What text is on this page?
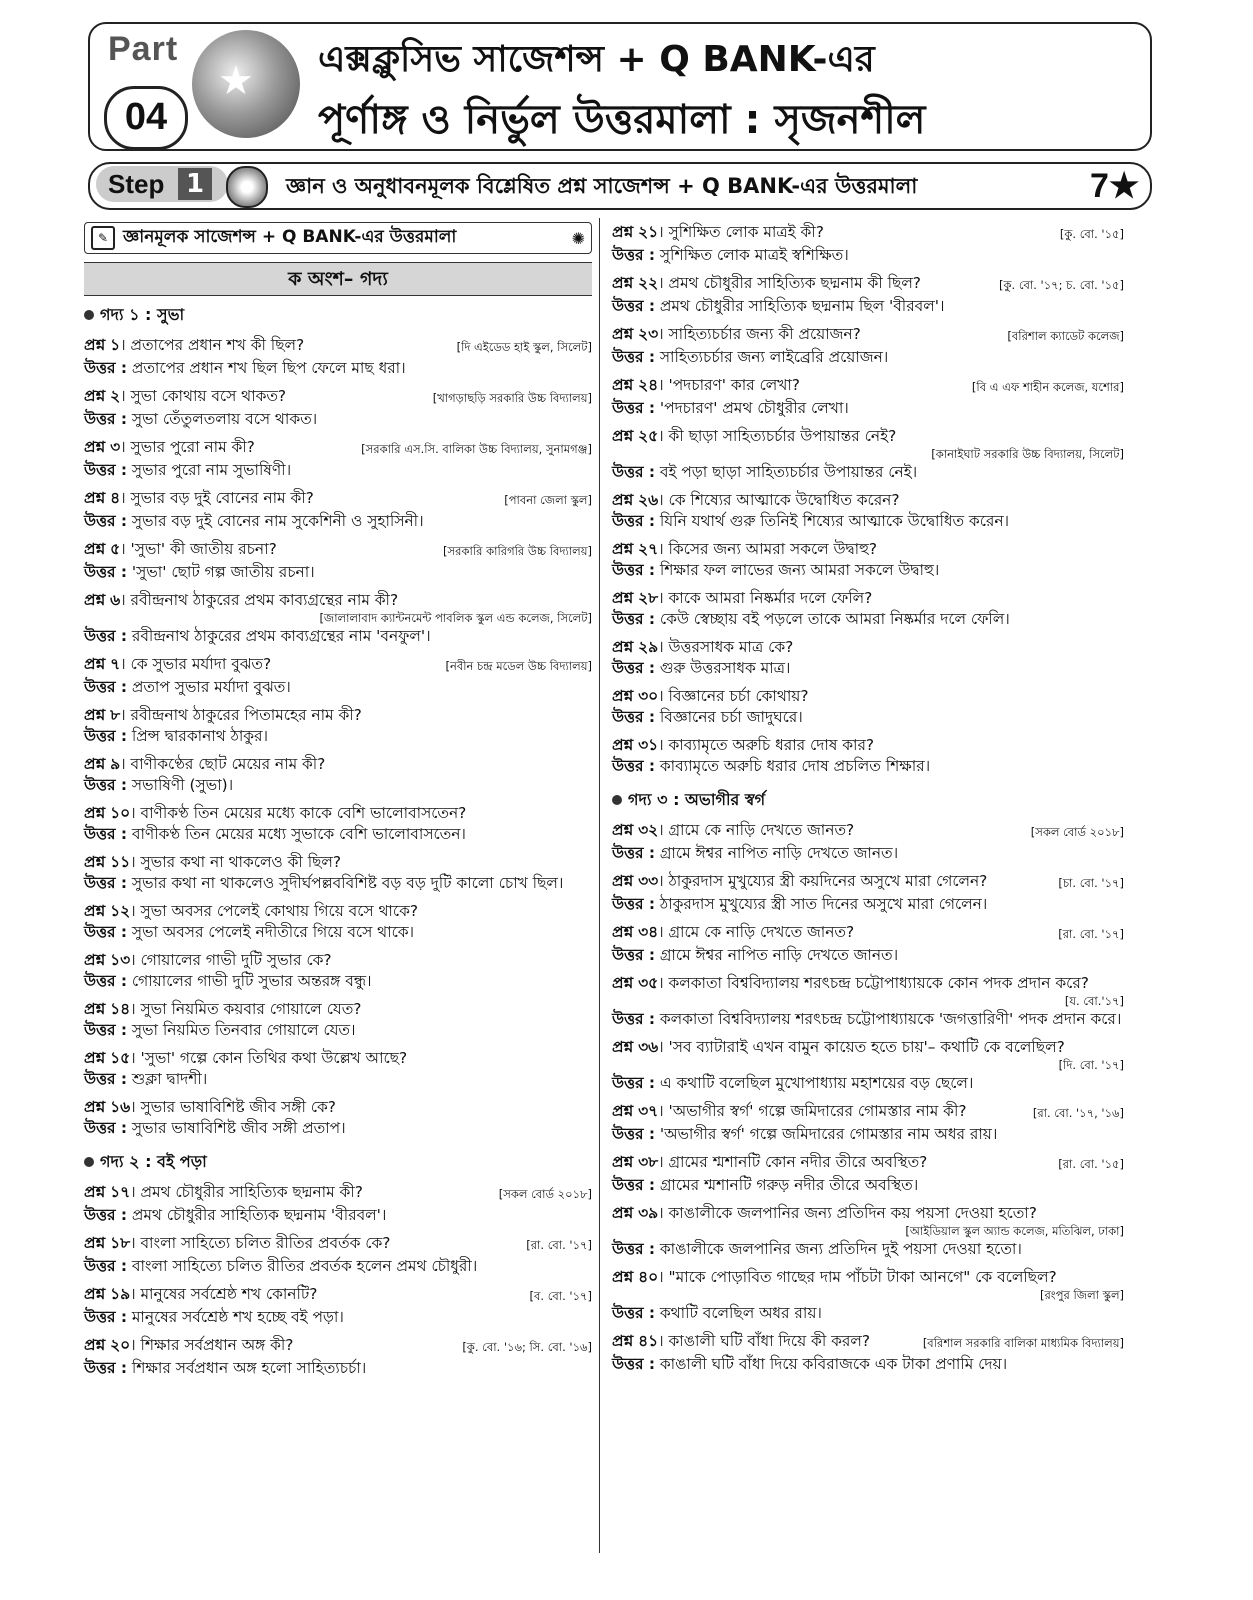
Part
★
04
এক্সক্লুসিভ সাজেশন্স + Q BANK-এর
পূর্ণাঙ্গ ও নির্ভুল উত্তরমালা : সৃজনশীল
Step 1	জ্ঞান ও অনুধাবনমূলক বিশ্লেষিত প্রশ্ন সাজেশন্স + Q BANK-এর উত্তরমালা	7★
✎ জ্ঞানমূলক সাজেশন্স + Q BANK-এর উত্তরমালা	✺
ক অংশ– গদ্য
গদ্য ১ : সুভা
প্রশ্ন ১। প্রতাপের প্রধান শখ কী ছিল?	[দি এইডেড হাই স্কুল, সিলেট]
উত্তর : প্রতাপের প্রধান শখ ছিল ছিপ ফেলে মাছ ধরা।
প্রশ্ন ২। সুভা কোথায় বসে থাকত?	[খাগড়াছড়ি সরকারি উচ্চ বিদ্যালয়]
উত্তর : সুভা তেঁতুলতলায় বসে থাকত।
প্রশ্ন ৩। সুভার পুরো নাম কী?	[সরকারি এস.সি. বালিকা উচ্চ বিদ্যালয়, সুনামগঞ্জ]
উত্তর : সুভার পুরো নাম সুভাষিণী।
প্রশ্ন ৪। সুভার বড় দুই বোনের নাম কী?	[পাবনা জেলা স্কুল]
উত্তর : সুভার বড় দুই বোনের নাম সুকেশিনী ও সুহাসিনী।
প্রশ্ন ৫। 'সুভা' কী জাতীয় রচনা?	[সরকারি কারিগরি উচ্চ বিদ্যালয়]
উত্তর : 'সুভা' ছোট গল্প জাতীয় রচনা।
প্রশ্ন ৬। রবীন্দ্রনাথ ঠাকুরের প্রথম কাব্যগ্রন্থের নাম কী?
[জালালাবাদ ক্যান্টনমেন্ট পাবলিক স্কুল এন্ড কলেজ, সিলেট]
উত্তর : রবীন্দ্রনাথ ঠাকুরের প্রথম কাব্যগ্রন্থের নাম 'বনফুল'।
প্রশ্ন ৭। কে সুভার মর্যাদা বুঝত?	[নবীন চন্দ্র মডেল উচ্চ বিদ্যালয়]
উত্তর : প্রতাপ সুভার মর্যাদা বুঝত।
প্রশ্ন ৮। রবীন্দ্রনাথ ঠাকুরের পিতামহের নাম কী?
উত্তর : প্রিন্স দ্বারকানাথ ঠাকুর।
প্রশ্ন ৯। বাণীকণ্ঠের ছোট মেয়ের নাম কী?
উত্তর : সভাষিণী (সুভা)।
প্রশ্ন ১০। বাণীকণ্ঠ তিন মেয়ের মধ্যে কাকে বেশি ভালোবাসতেন?
উত্তর : বাণীকণ্ঠ তিন মেয়ের মধ্যে সুভাকে বেশি ভালোবাসতেন।
প্রশ্ন ১১। সুভার কথা না থাকলেও কী ছিল?
উত্তর : সুভার কথা না থাকলেও সুদীর্ঘপল্লববিশিষ্ট বড় বড় দুটি কালো চোখ ছিল।
প্রশ্ন ১২। সুভা অবসর পেলেই কোথায় গিয়ে বসে থাকে?
উত্তর : সুভা অবসর পেলেই নদীতীরে গিয়ে বসে থাকে।
প্রশ্ন ১৩। গোয়ালের গাভী দুটি সুভার কে?
উত্তর : গোয়ালের গাভী দুটি সুভার অন্তরঙ্গ বন্ধু।
প্রশ্ন ১৪। সুভা নিয়মিত কয়বার গোয়ালে যেত?
উত্তর : সুভা নিয়মিত তিনবার গোয়ালে যেত।
প্রশ্ন ১৫। 'সুভা' গল্পে কোন তিথির কথা উল্লেখ আছে?
উত্তর : শুক্লা দ্বাদশী।
প্রশ্ন ১৬। সুভার ভাষাবিশিষ্ট জীব সঙ্গী কে?
উত্তর : সুভার ভাষাবিশিষ্ট জীব সঙ্গী প্রতাপ।
গদ্য ২ : বই পড়া
প্রশ্ন ১৭। প্রমথ চৌধুরীর সাহিত্যিক ছদ্মনাম কী?	[সকল বোর্ড ২০১৮]
উত্তর : প্রমথ চৌধুরীর সাহিত্যিক ছদ্মনাম 'বীরবল'।
প্রশ্ন ১৮। বাংলা সাহিত্যে চলিত রীতির প্রবর্তক কে?	[রা. বো. '১৭]
উত্তর : বাংলা সাহিত্যে চলিত রীতির প্রবর্তক হলেন প্রমথ চৌধুরী।
প্রশ্ন ১৯। মানুষের সর্বশ্রেষ্ঠ শখ কোনটি?	[ব. বো. '১৭]
উত্তর : মানুষের সর্বশ্রেষ্ঠ শখ হচ্ছে বই পড়া।
প্রশ্ন ২০। শিক্ষার সর্বপ্রধান অঙ্গ কী?	[কু. বো. '১৬; সি. বো. '১৬]
উত্তর : শিক্ষার সর্বপ্রধান অঙ্গ হলো সাহিত্যচর্চা।
প্রশ্ন ২১। সুশিক্ষিত লোক মাত্রই কী?	[কু. বো. '১৫]
উত্তর : সুশিক্ষিত লোক মাত্রই স্বশিক্ষিত।
প্রশ্ন ২২। প্রমথ চৌধুরীর সাহিত্যিক ছদ্মনাম কী ছিল?	[কু. বো. '১৭; চ. বো. '১৫]
উত্তর : প্রমথ চৌধুরীর সাহিত্যিক ছদ্মনাম ছিল 'বীরবল'।
প্রশ্ন ২৩। সাহিত্যচর্চার জন্য কী প্রয়োজন?	[বরিশাল ক্যাডেট কলেজ]
উত্তর : সাহিত্যচর্চার জন্য লাইব্রেরি প্রয়োজন।
প্রশ্ন ২৪। 'পদচারণ' কার লেখা?	[বি এ এফ শাহীন কলেজ, যশোর]
উত্তর : 'পদচারণ' প্রমথ চৌধুরীর লেখা।
প্রশ্ন ২৫। কী ছাড়া সাহিত্যচর্চার উপায়ান্তর নেই?
[কানাইঘাট সরকারি উচ্চ বিদ্যালয়, সিলেট]
উত্তর : বই পড়া ছাড়া সাহিত্যচর্চার উপায়ান্তর নেই।
প্রশ্ন ২৬। কে শিষ্যের আত্মাকে উদ্বোধিত করেন?
উত্তর : যিনি যথার্থ গুরু তিনিই শিষ্যের আত্মাকে উদ্বোধিত করেন।
প্রশ্ন ২৭। কিসের জন্য আমরা সকলে উদ্বাহু?
উত্তর : শিক্ষার ফল লাভের জন্য আমরা সকলে উদ্বাহু।
প্রশ্ন ২৮। কাকে আমরা নিষ্কর্মার দলে ফেলি?
উত্তর : কেউ স্বেচ্ছায় বই পড়লে তাকে আমরা নিষ্কর্মার দলে ফেলি।
প্রশ্ন ২৯। উত্তরসাধক মাত্র কে?
উত্তর : গুরু উত্তরসাধক মাত্র।
প্রশ্ন ৩০। বিজ্ঞানের চর্চা কোথায়?
উত্তর : বিজ্ঞানের চর্চা জাদুঘরে।
প্রশ্ন ৩১। কাব্যামৃতে অরুচি ধরার দোষ কার?
উত্তর : কাব্যামৃতে অরুচি ধরার দোষ প্রচলিত শিক্ষার।
গদ্য ৩ : অভাগীর স্বর্গ
প্রশ্ন ৩২। গ্রামে কে নাড়ি দেখতে জানত?	[সকল বোর্ড ২০১৮]
উত্তর : গ্রামে ঈশ্বর নাপিত নাড়ি দেখতে জানত।
প্রশ্ন ৩৩। ঠাকুরদাস মুখুয্যের স্ত্রী কয়দিনের অসুখে মারা গেলেন?	[চা. বো. '১৭]
উত্তর : ঠাকুরদাস মুখুয্যের স্ত্রী সাত দিনের অসুখে মারা গেলেন।
প্রশ্ন ৩৪। গ্রামে কে নাড়ি দেখতে জানত?	[রা. বো. '১৭]
উত্তর : গ্রামে ঈশ্বর নাপিত নাড়ি দেখতে জানত।
প্রশ্ন ৩৫। কলকাতা বিশ্ববিদ্যালয় শরৎচন্দ্র চট্টোপাধ্যায়কে কোন পদক প্রদান করে?
[য. বো.'১৭]
উত্তর : কলকাতা বিশ্ববিদ্যালয় শরৎচন্দ্র চট্টোপাধ্যায়কে 'জগত্তারিণী' পদক প্রদান করে।
প্রশ্ন ৩৬। 'সব ব্যাটারাই এখন বামুন কায়েত হতে চায়'– কথাটি কে বলেছিল?
[দি. বো. '১৭]
উত্তর : এ কথাটি বলেছিল মুখোপাধ্যায় মহাশয়ের বড় ছেলে।
প্রশ্ন ৩৭। 'অভাগীর স্বর্গ' গল্পে জমিদারের গোমস্তার নাম কী?	[রা. বো. '১৭, '১৬]
উত্তর : 'অভাগীর স্বর্গ' গল্পে জমিদারের গোমস্তার নাম অধর রায়।
প্রশ্ন ৩৮। গ্রামের শ্মশানটি কোন নদীর তীরে অবস্থিত?	[রা. বো. '১৫]
উত্তর : গ্রামের শ্মশানটি গরুড় নদীর তীরে অবস্থিত।
প্রশ্ন ৩৯। কাঙালীকে জলপানির জন্য প্রতিদিন কয় পয়সা দেওয়া হতো?
[আইডিয়াল স্কুল অ্যান্ড কলেজ, মতিঝিল, ঢাকা]
উত্তর : কাঙালীকে জলপানির জন্য প্রতিদিন দুই পয়সা দেওয়া হতো।
প্রশ্ন ৪০। "মাকে পোড়াবিত গাছের দাম পাঁচটা টাকা আনগে" কে বলেছিল?
[রংপুর জিলা স্কুল]
উত্তর : কথাটি বলেছিল অধর রায়।
প্রশ্ন ৪১। কাঙালী ঘটি বাঁধা দিয়ে কী করল?	[বরিশাল সরকারি বালিকা মাধ্যমিক বিদ্যালয়]
উত্তর : কাঙালী ঘটি বাঁধা দিয়ে কবিরাজকে এক টাকা প্রণামি দেয়।
